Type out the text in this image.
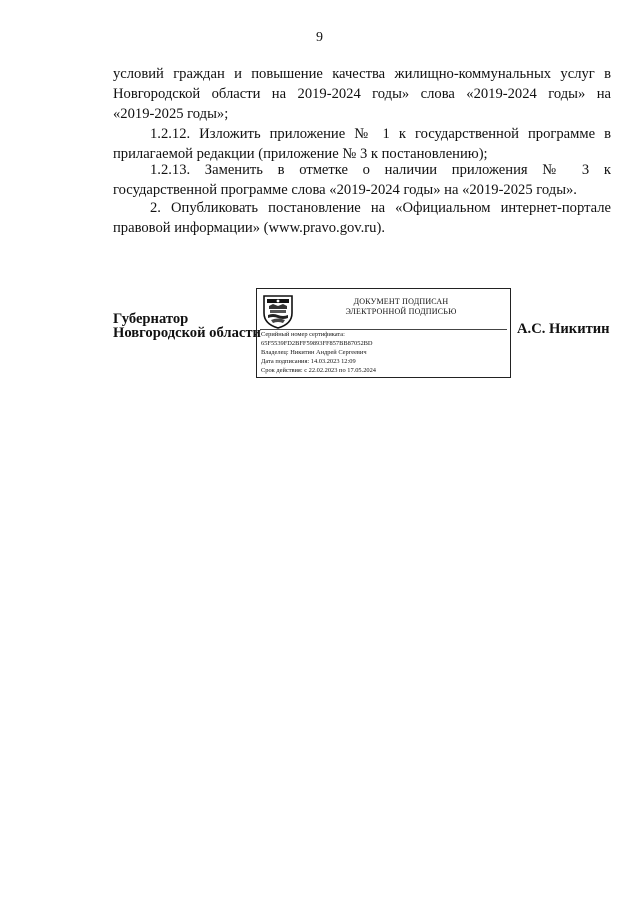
9

условий граждан и повышение качества жилищно-коммунальных услуг в
Новгородской области на 2019-2024 годы» слова «2019-2024 годы» на
«2019-2025 годы»;

1.2.12. Изложить приложение № 1 к государственной программе в
прилагаемой редакции (приложение № 3 к постановлению);

1.2.13. Заменить в отметке о наличии приложения № 3 к
государственной программе слова «2019-2024 годы» на «2019-2025 годы».

2. Опубликовать постановление на «Официальном интернет-портале
правовой информации» (www.pravo.gov.ru).

Губернатор
Новгородской области
ДОКУМЕНТ ПОДПИСАН
ЭЛЕКТРОННОЙ ПОДПИСЬЮ
Серийный номер сертификата:
65F5539FD2BFF59893FF857BB87052BD
Владелец: Никитин Андрей Сергеевич
Дата подписания: 14.03.2023 12:09
Срок действия: с 22.02.2023 по 17.05.2024
А.С. Никитин
